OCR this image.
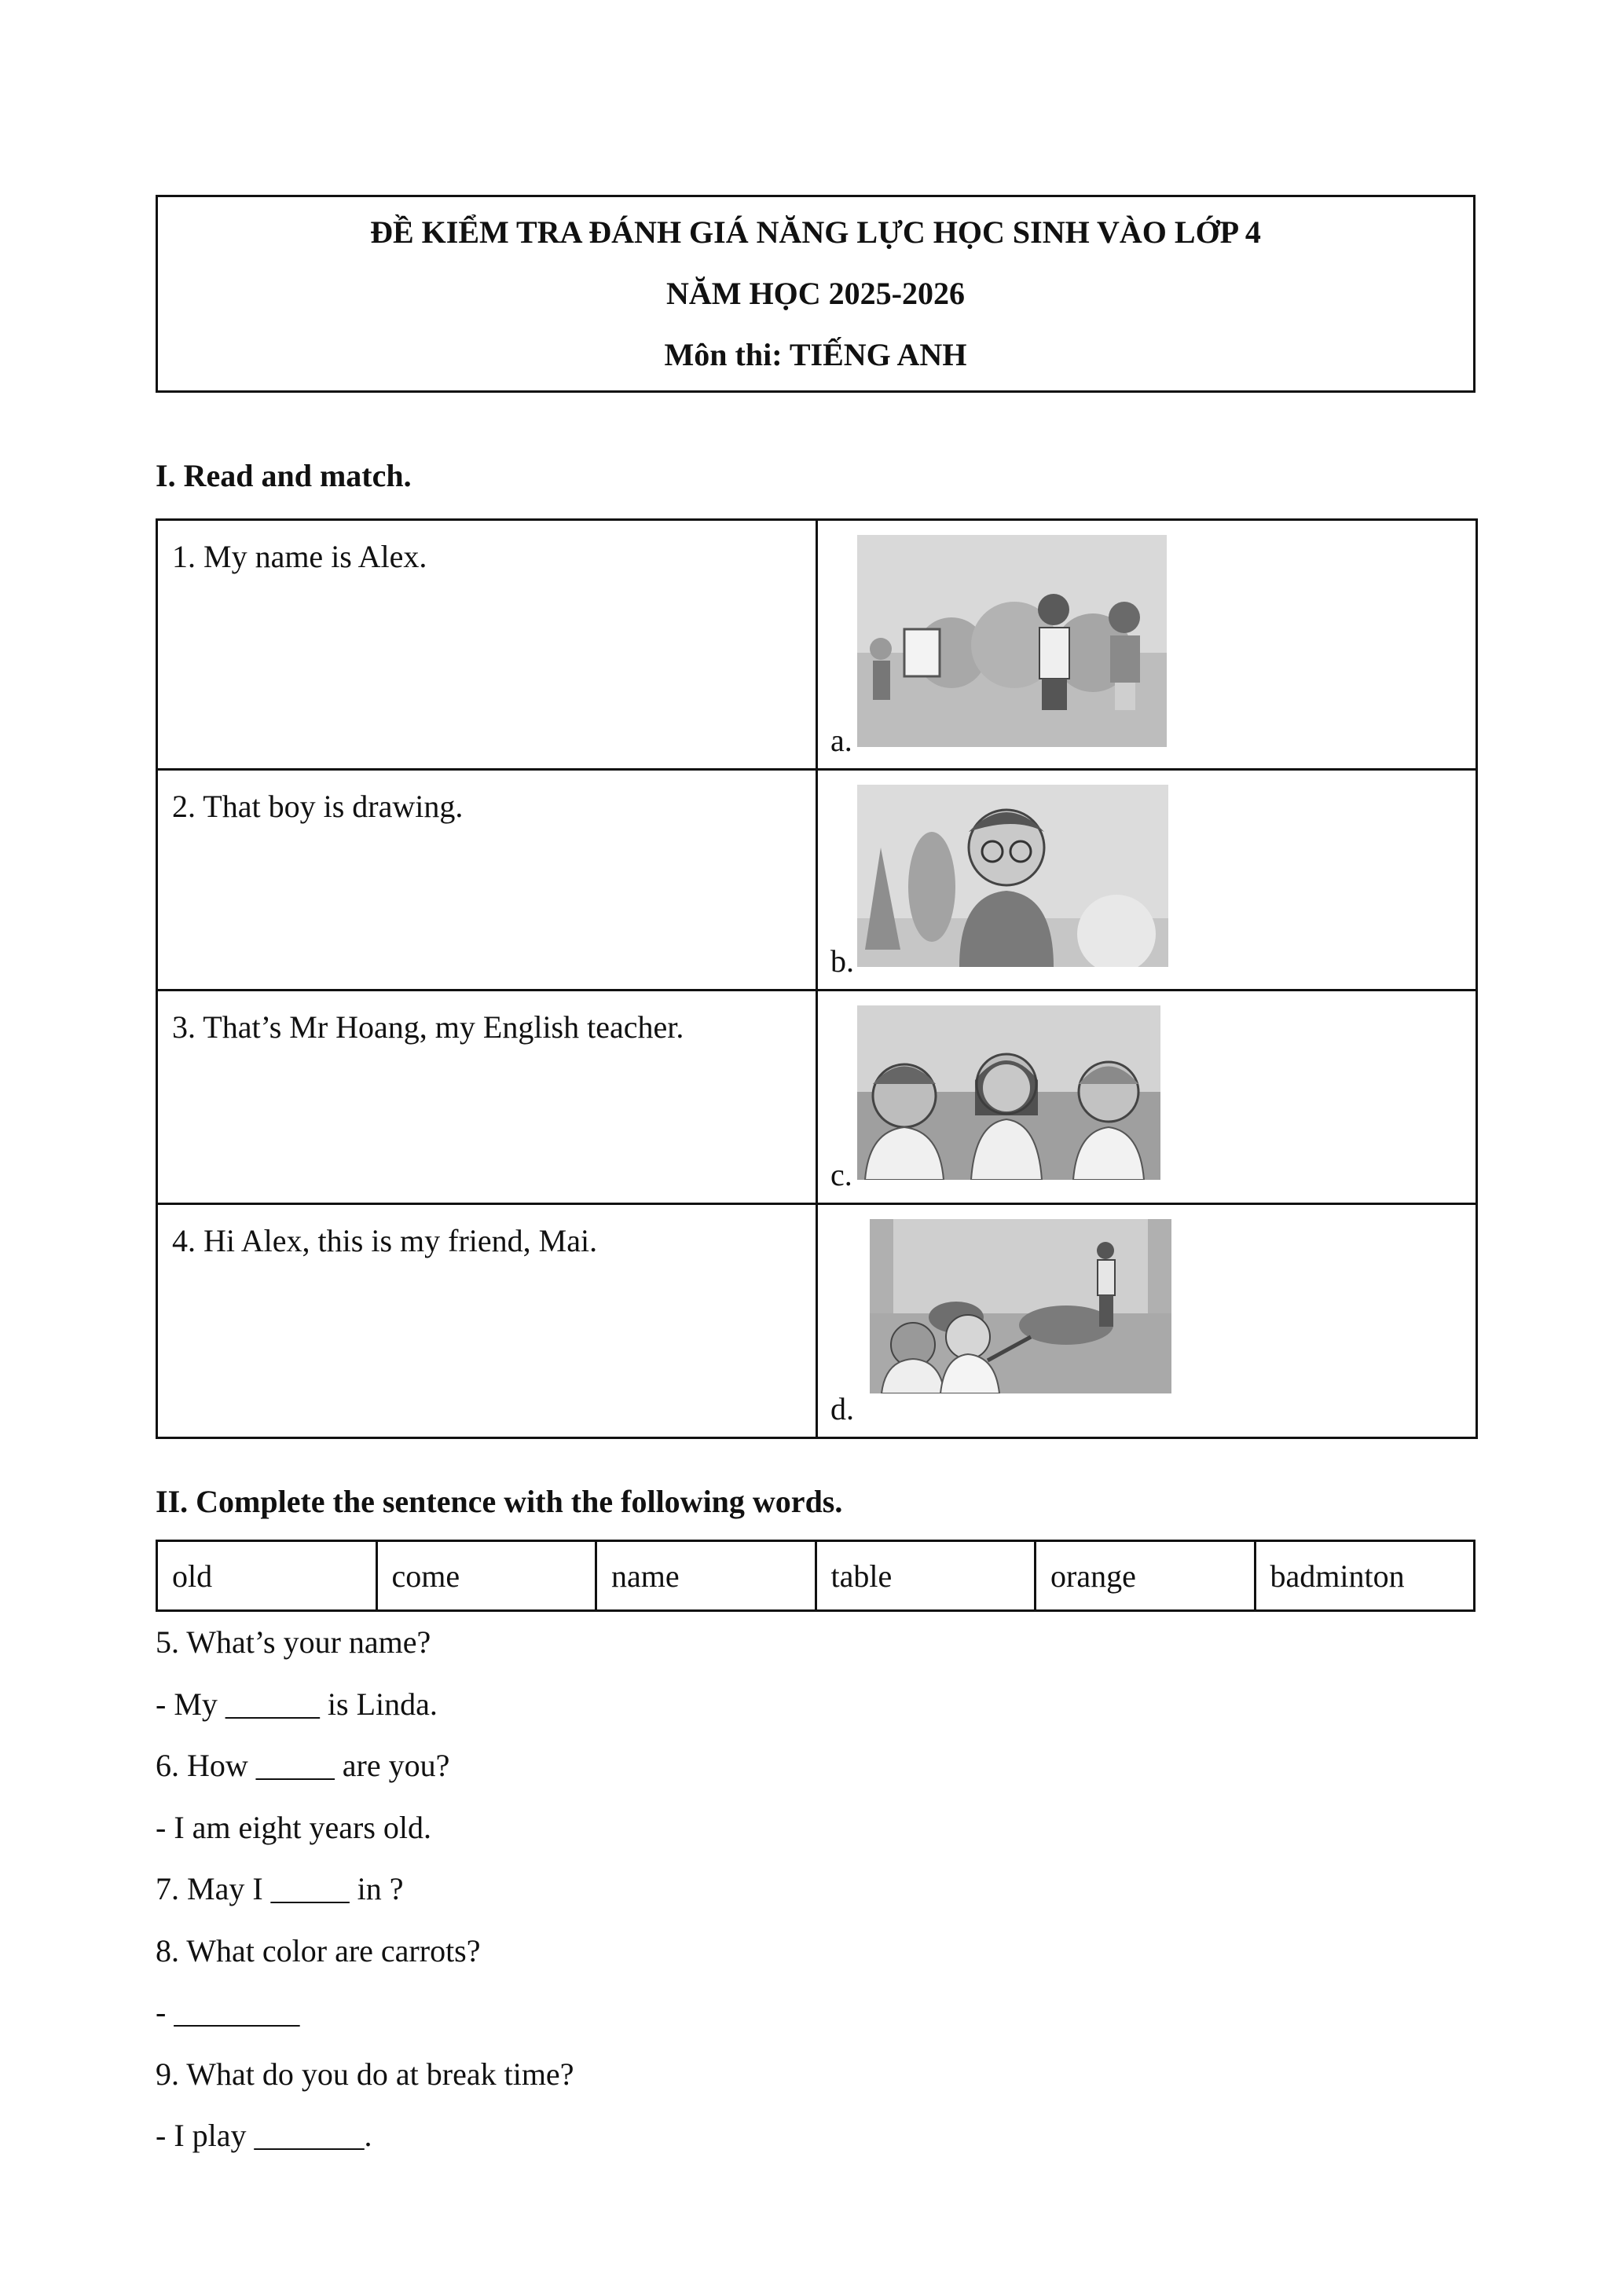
ĐỀ KIỂM TRA ĐÁNH GIÁ NĂNG LỰC HỌC SINH VÀO LỚP 4
NĂM HỌC 2025-2026
Môn thi: TIẾNG ANH
I. Read and match.
1. My name is Alex.	a.

2. That boy is drawing.	b.

3. That’s Mr Hoang, my English teacher.	c.

4. Hi Alex, this is my friend, Mai.	d.
II. Complete the sentence with the following words.
old	come	name	table	orange	badminton
5. What’s your name?
- My ______ is Linda.
6. How _____ are you?
- I am eight years old.
7. May I _____ in ?
8. What color are carrots?
- ________
9. What do you do at break time?
- I play _______.
